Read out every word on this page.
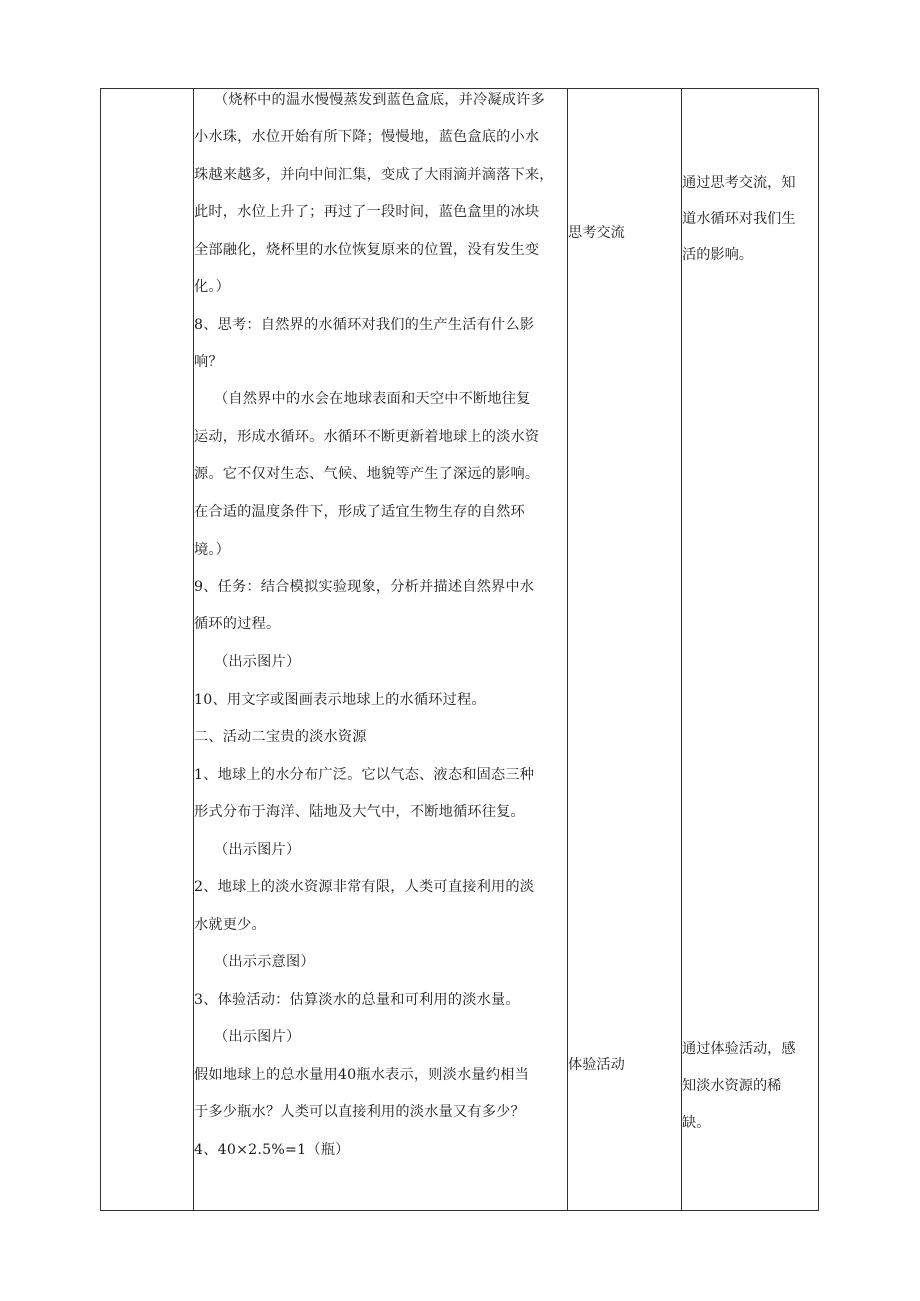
（烧杯中的温水慢慢蒸发到蓝色盒底，并冷凝成许多
小水珠，水位开始有所下降；慢慢地，蓝色盒底的小水
珠越来越多，并向中间汇集，变成了大雨滴并滴落下来，
此时，水位上升了；再过了一段时间，蓝色盒里的冰块
全部融化，烧杯里的水位恢复原来的位置，没有发生变
化。）
8、思考：自然界的水循环对我们的生产生活有什么影
响？
（自然界中的水会在地球表面和天空中不断地往复
运动，形成水循环。水循环不断更新着地球上的淡水资
源。它不仅对生态、气候、地貌等产生了深远的影响。
在合适的温度条件下，形成了适宜生物生存的自然环
境。）
9、任务：结合模拟实验现象，分析并描述自然界中水
循环的过程。
（出示图片）
10、用文字或图画表示地球上的水循环过程。
二、活动二宝贵的淡水资源
1、地球上的水分布广泛。它以气态、液态和固态三种
形式分布于海洋、陆地及大气中，不断地循环往复。
（出示图片）
2、地球上的淡水资源非常有限，人类可直接利用的淡
水就更少。
（出示示意图）
3、体验活动：估算淡水的总量和可利用的淡水量。
（出示图片）
假如地球上的总水量用40瓶水表示，则淡水量约相当
于多少瓶水？人类可以直接利用的淡水量又有多少？
4、40×2.5%=1（瓶）
思考交流
体验活动
通过思考交流，知
道水循环对我们生
活的影响。
通过体验活动，感
知淡水资源的稀
缺。
